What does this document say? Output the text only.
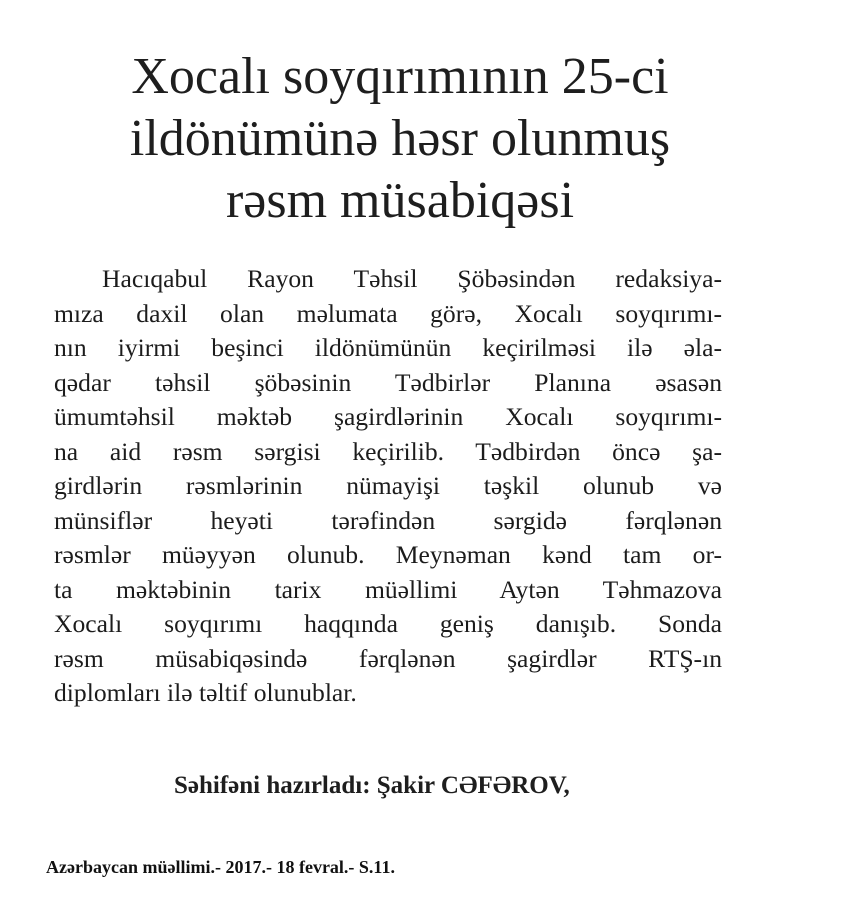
Xocalı soyqırımının 25-ci
ildönümünə həsr olunmuş
rəsm müsabiqəsi
Hacıqabul Rayon Təhsil Şöbəsindən redaksiya-
mıza daxil olan məlumata görə, Xocalı soyqırımı-
nın iyirmi beşinci ildönümünün keçirilməsi ilə əla-
qədar təhsil şöbəsinin Tədbirlər Planına əsasən
ümumtəhsil məktəb şagirdlərinin Xocalı soyqırımı-
na aid rəsm sərgisi keçirilib. Tədbirdən öncə şa-
girdlərin rəsmlərinin nümayişi təşkil olunub və
münsiflər heyəti tərəfindən sərgidə fərqlənən
rəsmlər müəyyən olunub. Meynəman kənd tam or-
ta məktəbinin tarix müəllimi Aytən Təhmazova
Xocalı soyqırımı haqqında geniş danışıb. Sonda
rəsm müsabiqəsində fərqlənən şagirdlər RTŞ-ın
diplomları ilə təltif olunublar.
Səhifəni hazırladı: Şakir CƏFƏROV,
Azərbaycan müəllimi.- 2017.- 18 fevral.- S.11.
